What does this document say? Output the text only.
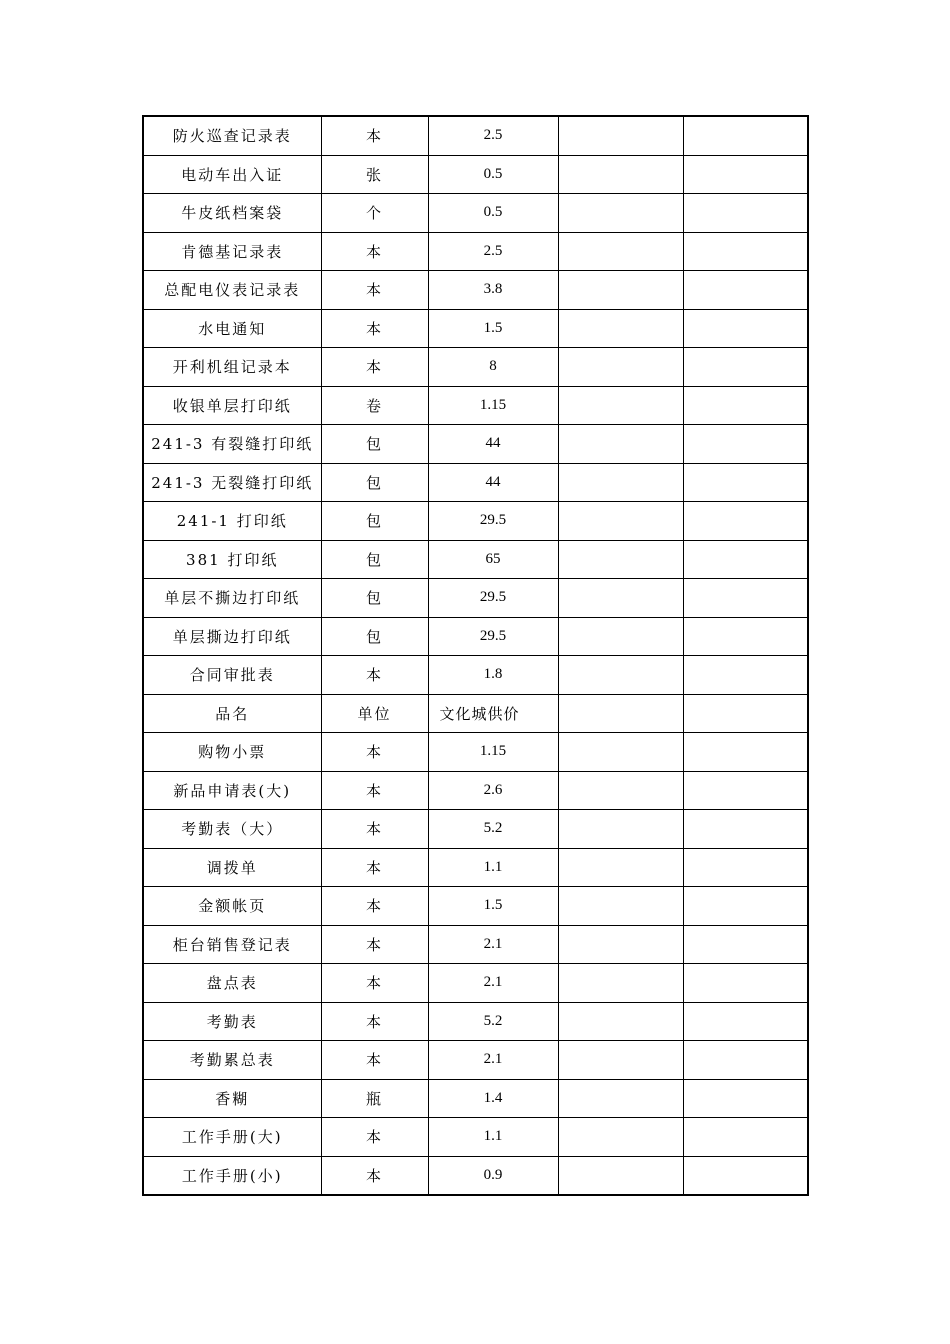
防火巡查记录表	本	2.5		
电动车出入证	张	0.5		
牛皮纸档案袋	个	0.5		
肯德基记录表	本	2.5		
总配电仪表记录表	本	3.8		
水电通知	本	1.5		
开利机组记录本	本	8		
收银单层打印纸	卷	1.15		
241-3 有裂缝打印纸	包	44		
241-3 无裂缝打印纸	包	44		
241-1 打印纸	包	29.5		
381 打印纸	包	65		
单层不撕边打印纸	包	29.5		
单层撕边打印纸	包	29.5		
合同审批表	本	1.8		
品名	单位	文化城供价		
购物小票	本	1.15		
新品申请表(大)	本	2.6		
考勤表（大）	本	5.2		
调拨单	本	1.1		
金额帐页	本	1.5		
柜台销售登记表	本	2.1		
盘点表	本	2.1		
考勤表	本	5.2		
考勤累总表	本	2.1		
香糊	瓶	1.4		
工作手册(大)	本	1.1		
工作手册(小)	本	0.9		
